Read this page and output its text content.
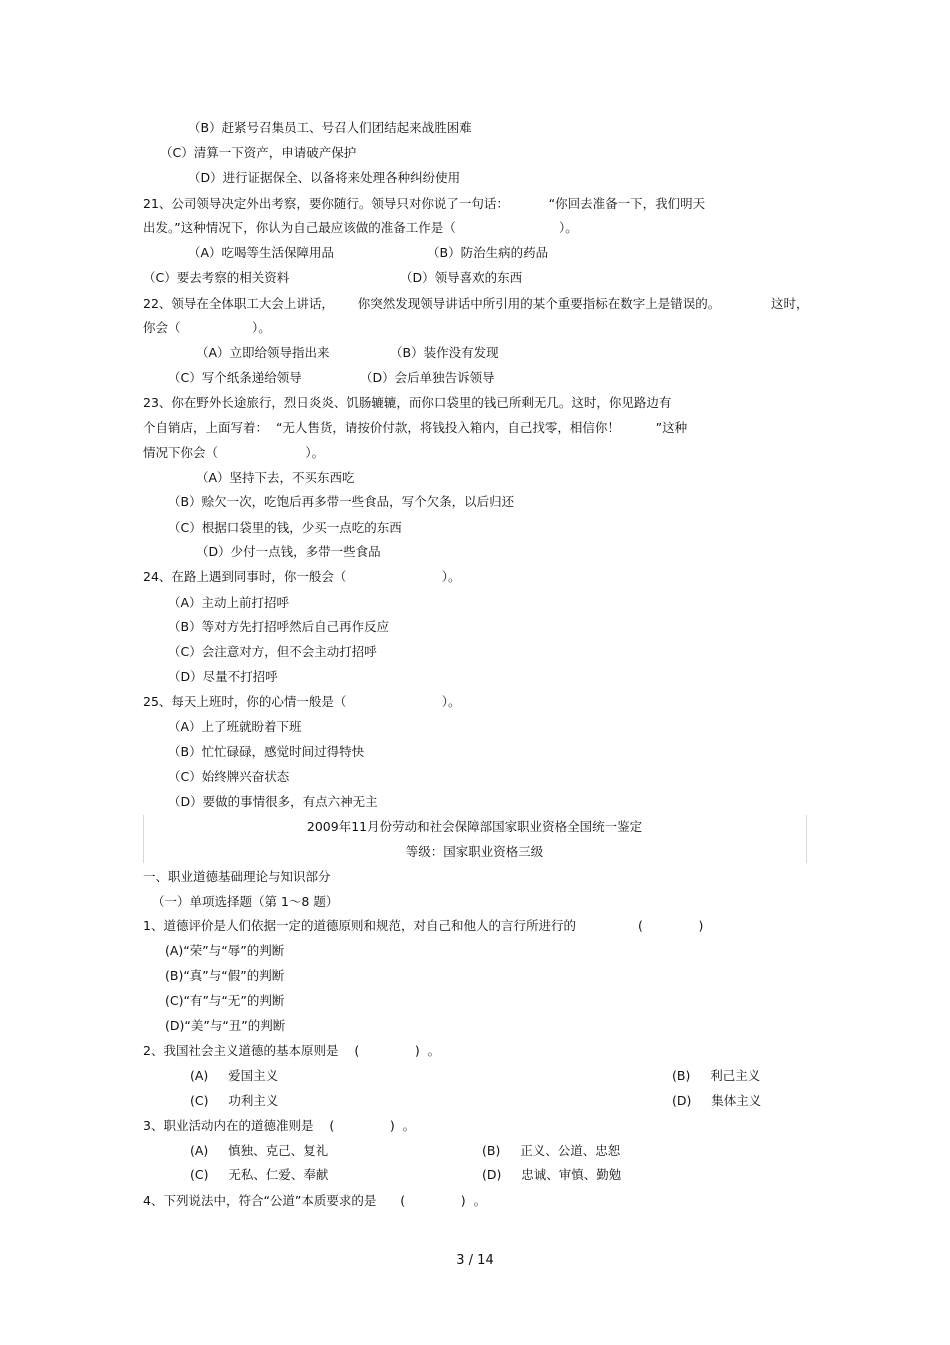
（B）赶紧号召集员工、号召人们团结起来战胜困难
（C）清算一下资产，申请破产保护
（D）进行证据保全、以备将来处理各种纠纷使用
21、公司领导决定外出考察，要你随行。领导只对你说了一句话：          “你回去准备一下，我们明天
出发。”这种情况下，你认为自己最应该做的准备工作是（                          ）。
（A）吃喝等生活保障用品	（B）防治生病的药品
（C）要去考察的相关资料	（D）领导喜欢的东西
22、领导在全体职工大会上讲话，      你突然发现领导讲话中所引用的某个重要指标在数字上是错误的。	这时，
你会（                  ）。
（A）立即给领导指出来	（B）装作没有发现
（C）写个纸条递给领导	（D）会后单独告诉领导
23、你在野外长途旅行，烈日炎炎、饥肠辘辘，而你口袋里的钱已所剩无几。这时，你见路边有
个自销店，上面写着：  “无人售货，请按价付款，将钱投入箱内，自己找零，相信你！         ”这种
情况下你会（                      ）。
（A）坚持下去，不买东西吃
（B）赊欠一次，吃饱后再多带一些食品，写个欠条，以后归还
（C）根据口袋里的钱，少买一点吃的东西
（D）少付一点钱，多带一些食品
24、在路上遇到同事时，你一般会（                        ）。
（A）主动上前打招呼
（B）等对方先打招呼然后自己再作反应
（C）会注意对方，但不会主动打招呼
（D）尽量不打招呼
25、每天上班时，你的心情一般是（                        ）。
（A）上了班就盼着下班
（B）忙忙碌碌，感觉时间过得特快
（C）始终牌兴奋状态
（D）要做的事情很多，有点六神无主
2009年11月份劳动和社会保障部国家职业资格全国统一鉴定
等级：国家职业资格三级
一、职业道德基础理论与知识部分
（一）单项选择题（第 1～8 题）
1、道德评价是人们依据一定的道德原则和规范，对自己和他人的言行所进行的	(              )
(A)“荣”与“辱”的判断
(B)“真”与“假”的判断
(C)“有”与“无”的判断
(D)“美”与“丑”的判断
2、我国社会主义道德的基本原则是    (              )  。
(A)     爱国主义	(B)     利己主义
(C)     功利主义	(D)     集体主义
3、职业活动内在的道德准则是    (              )  。
(A)     慎独、克己、复礼	(B)     正义、公道、忠恕
(C)     无私、仁爱、奉献	(D)     忠诚、审慎、勤勉
4、下列说法中，符合“公道”本质要求的是      (              )  。
3 / 14
